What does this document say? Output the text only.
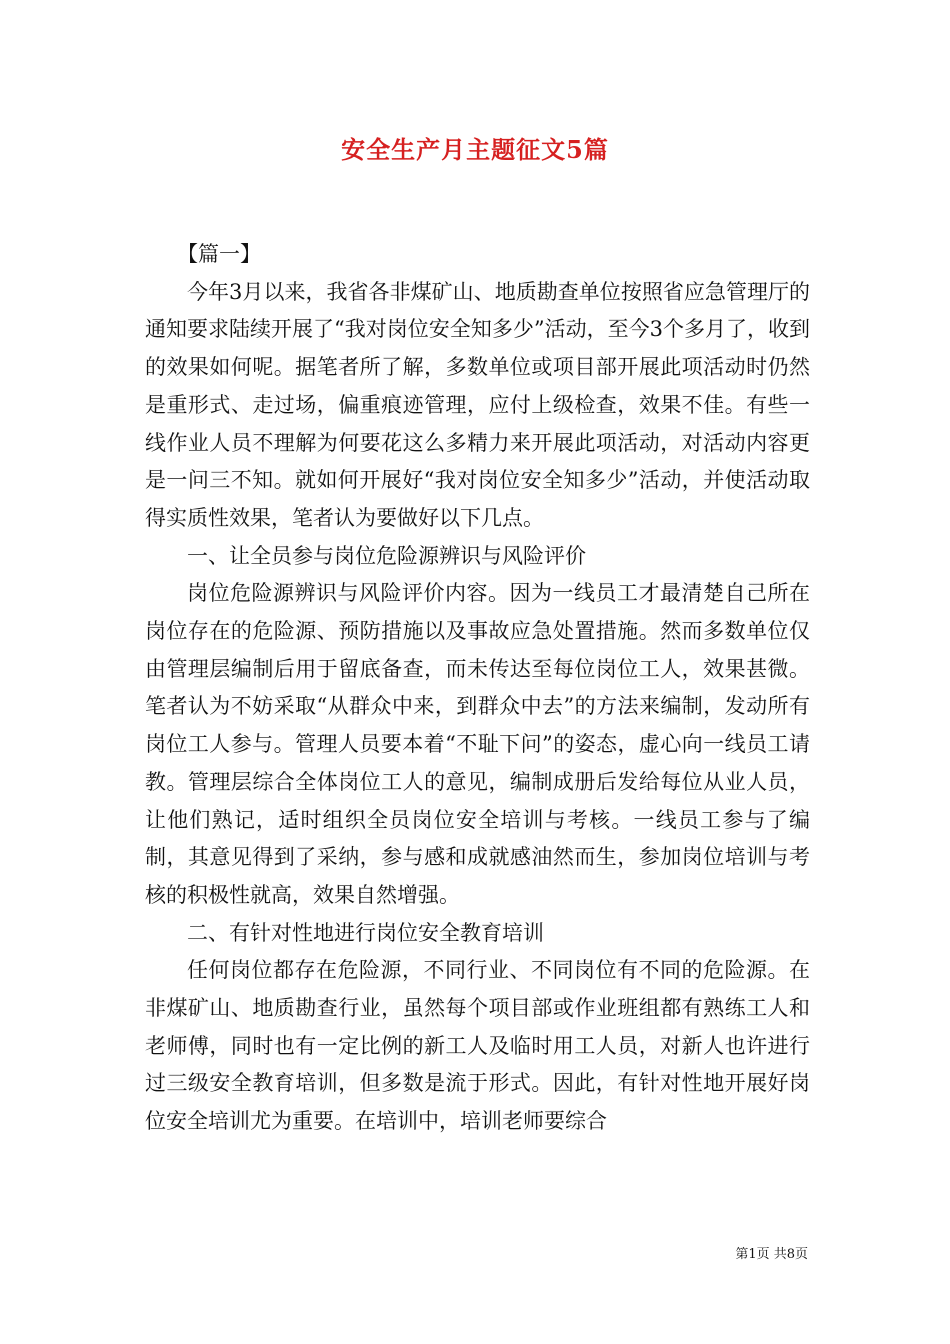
安全生产月主题征文5篇

【篇一】

今年3月以来，我省各非煤矿山、地质勘查单位按照省应急管理厅的通知要求陆续开展了“我对岗位安全知多少”活动，至今3个多月了，收到的效果如何呢。据笔者所了解，多数单位或项目部开展此项活动时仍然是重形式、走过场，偏重痕迹管理，应付上级检查，效果不佳。有些一线作业人员不理解为何要花这么多精力来开展此项活动，对活动内容更是一问三不知。就如何开展好“我对岗位安全知多少”活动，并使活动取得实质性效果，笔者认为要做好以下几点。

一、让全员参与岗位危险源辨识与风险评价

岗位危险源辨识与风险评价内容。因为一线员工才最清楚自己所在岗位存在的危险源、预防措施以及事故应急处置措施。然而多数单位仅由管理层编制后用于留底备查，而未传达至每位岗位工人，效果甚微。笔者认为不妨采取“从群众中来，到群众中去”的方法来编制，发动所有岗位工人参与。管理人员要本着“不耻下问”的姿态，虚心向一线员工请教。管理层综合全体岗位工人的意见，编制成册后发给每位从业人员，让他们熟记，适时组织全员岗位安全培训与考核。一线员工参与了编制，其意见得到了采纳，参与感和成就感油然而生，参加岗位培训与考核的积极性就高，效果自然增强。

二、有针对性地进行岗位安全教育培训

任何岗位都存在危险源，不同行业、不同岗位有不同的危险源。在非煤矿山、地质勘查行业，虽然每个项目部或作业班组都有熟练工人和老师傅，同时也有一定比例的新工人及临时用工人员，对新人也许进行过三级安全教育培训，但多数是流于形式。因此，有针对性地开展好岗位安全培训尤为重要。在培训中，培训老师要综合

第1页 共8页
